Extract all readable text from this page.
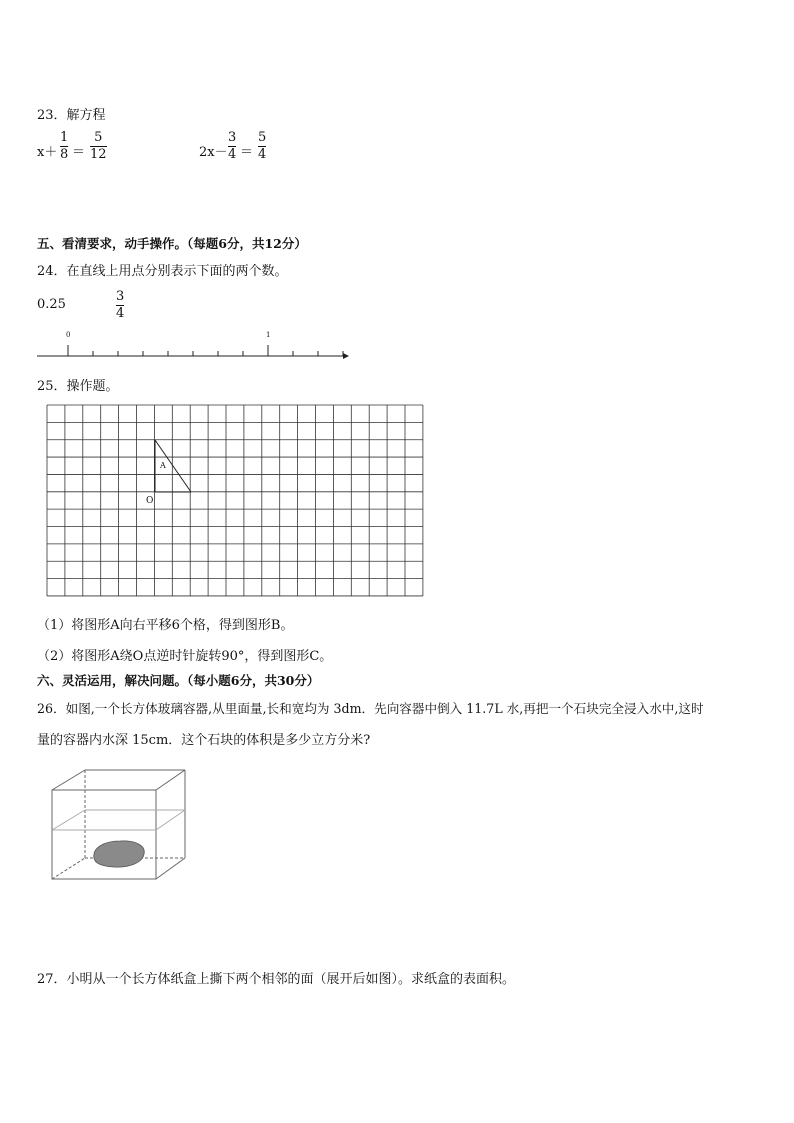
23．解方程
x＋
1
8 ＝
5
12	2x－
3
4 ＝
5
4
五、看清要求，动手操作。（每题6分，共12分）
24．在直线上用点分别表示下面的两个数。
0.25
3
4
0	1
25．操作题。
A
O
（1）将图形A向右平移6个格，得到图形B。
（2）将图形A绕O点逆时针旋转90°，得到图形C。
六、灵活运用，解决问题。（每小题6分，共30分）
26．如图,一个长方体玻璃容器,从里面量,长和宽均为 3dm．先向容器中倒入 11.7L 水,再把一个石块完全浸入水中,这时
量的容器内水深 15cm．这个石块的体积是多少立方分米?
27．小明从一个长方体纸盒上撕下两个相邻的面（展开后如图）。求纸盒的表面积。
